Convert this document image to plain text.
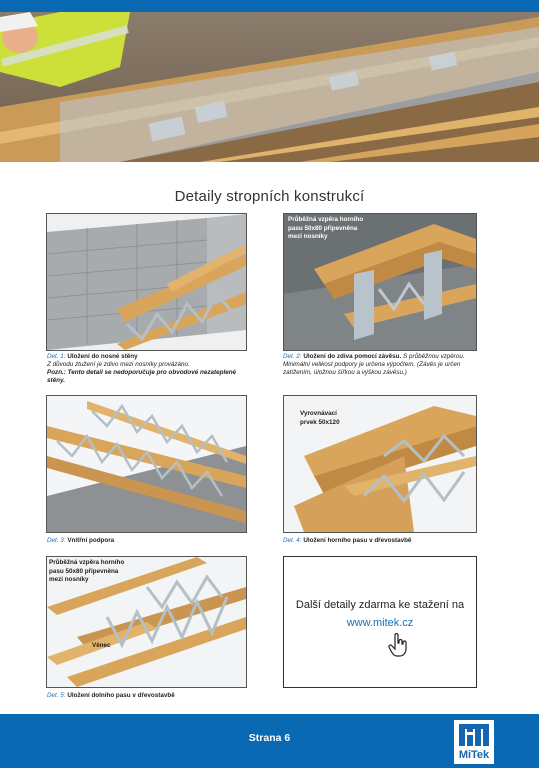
Detaily stropních konstrukcí
Det. 1: Uložení do nosné stěny
Z důvodu ztužení je zdivo mezi nosníky provázáno.
Pozn.: Tento detail se nedoporučuje pro obvodové nezateplené stěny.
Průběžná vzpěra horního
pasu 50x80 připevněna
mezi nosníky
Det. 2: Uložení do zdiva pomocí závěsu. S průběžnou vzpěrou. Minimální velikost podpory je určena výpočtem. (Závěs je určen zatížením, úložnou šířkou a výškou závěsu.)
Det. 3: Vnitřní podpora
Vyrovnávací
prvek 50x120
Det. 4: Uložení horního pasu v dřevostavbě
Průběžná vzpěra horního
pasu 50x80 připevněna
mezi nosníky
Věnec
Det. 5: Uložení dolního pasu v dřevostavbě
Další detaily zdarma ke stažení na
www.mitek.cz
Strana 6
MiTek
